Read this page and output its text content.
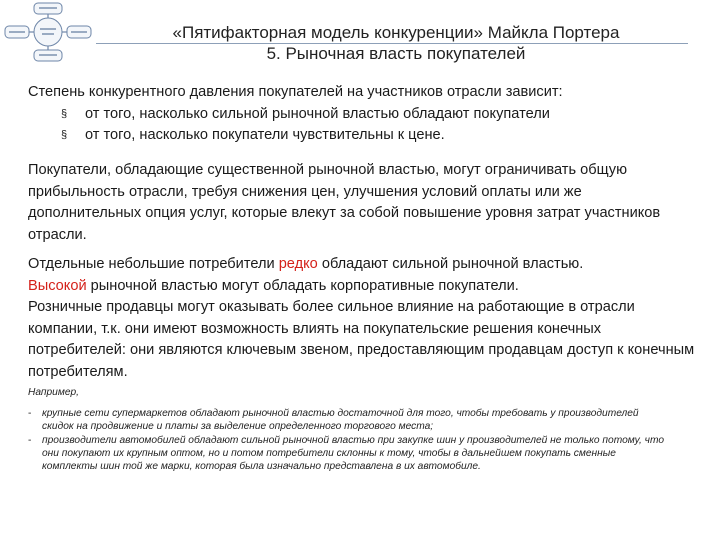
«Пятифакторная модель конкуренции» Майкла Портера
5. Рыночная власть покупателей
Степень конкурентного давления покупателей на участников отрасли зависит:
§ от того, насколько сильной рыночной властью обладают покупатели
§ от того, насколько покупатели чувствительны к цене.
Покупатели, обладающие существенной рыночной властью, могут ограничивать общую прибыльность отрасли, требуя снижения цен, улучшения условий оплаты или же дополнительных опция услуг, которые влекут за собой повышение уровня затрат участников отрасли.
Отдельные небольшие потребители редко обладают сильной рыночной властью.
Высокой рыночной властью могут обладать корпоративные покупатели.
Розничные продавцы могут оказывать более сильное влияние на работающие в отрасли компании, т.к. они имеют возможность влиять на покупательские решения конечных потребителей: они являются ключевым звеном, предоставляющим продавцам доступ к конечным потребителям.
Например,
- крупные сети супермаркетов обладают рыночной властью достаточной для того, чтобы требовать у производителей скидок на продвижение и платы за выделение определенного торгового места;
- производители автомобилей обладают сильной рыночной властью при закупке шин у производителей не только потому, что они покупают их крупным оптом, но и потом потребители склонны к тому, чтобы в дальнейшем покупать сменные комплекты шин той же марки, которая была изначально представлена в их автомобиле.
